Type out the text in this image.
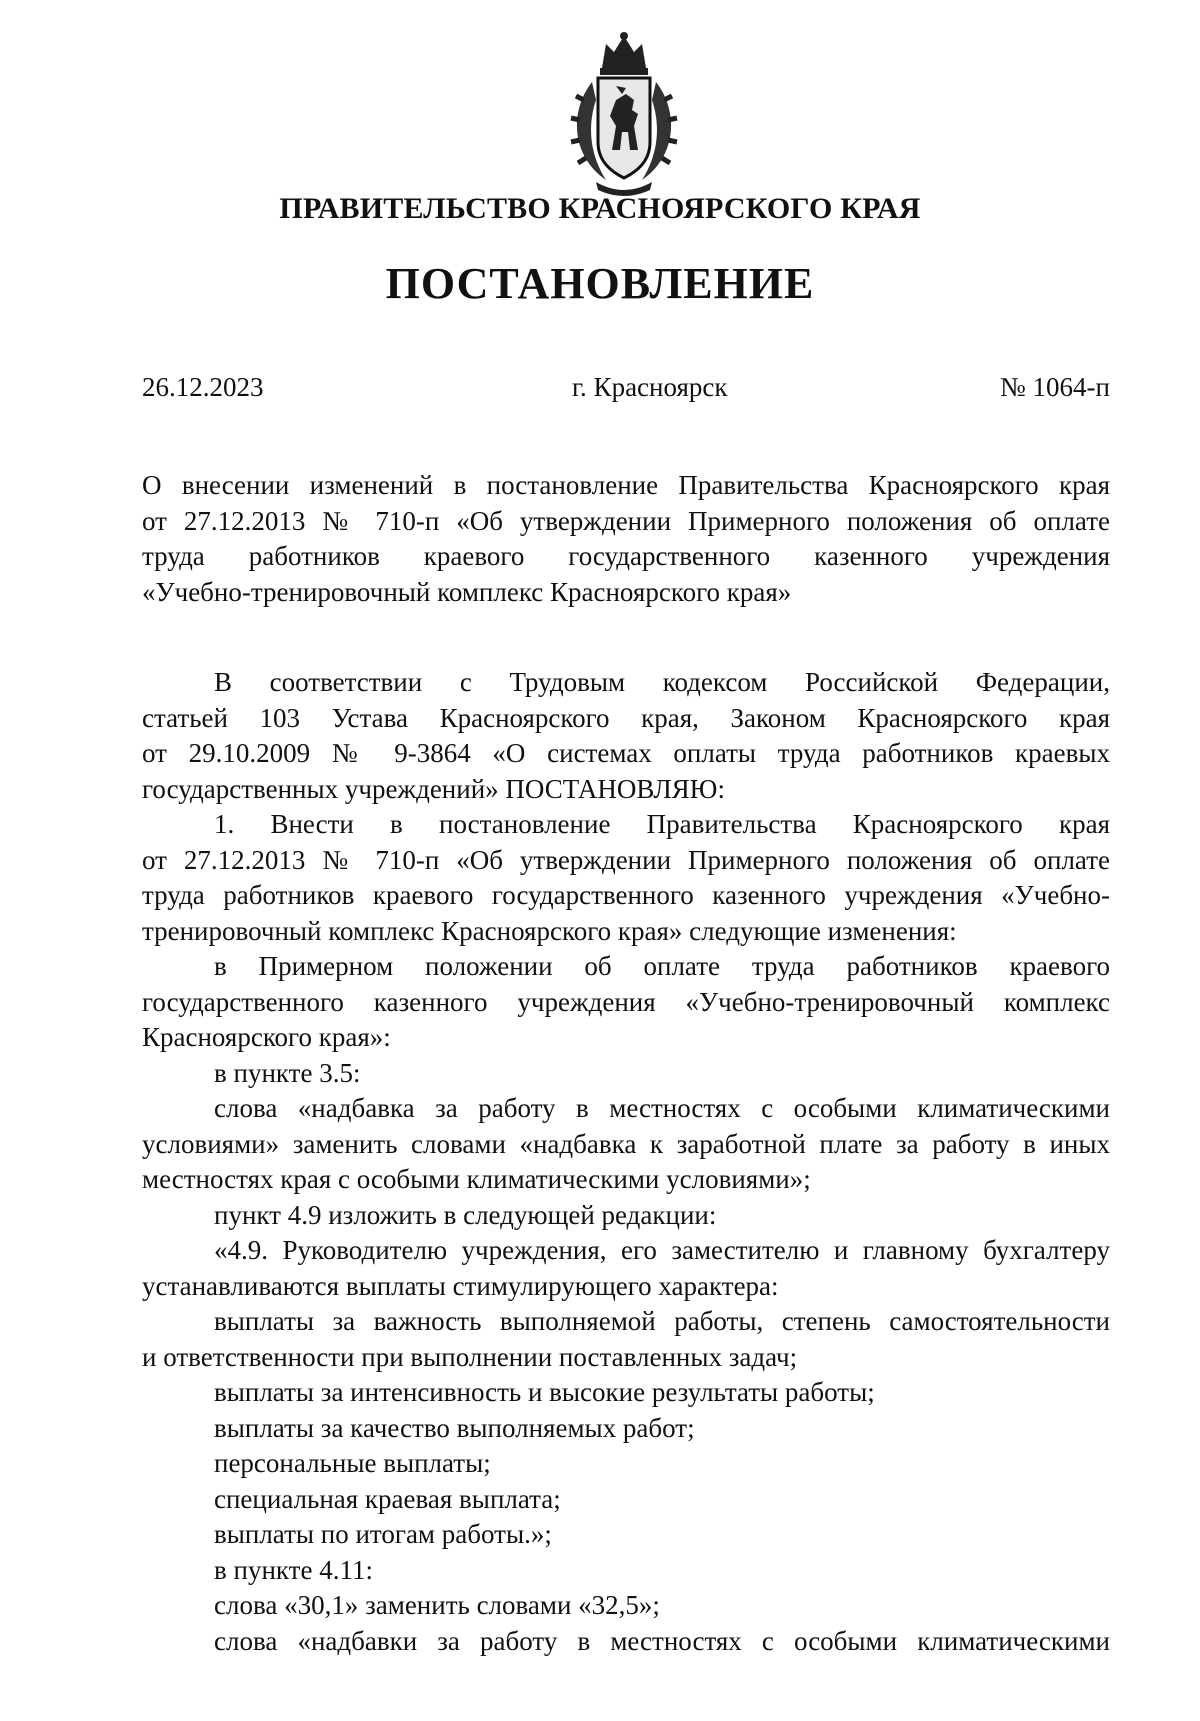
ПРАВИТЕЛЬСТВО КРАСНОЯРСКОГО КРАЯ
ПОСТАНОВЛЕНИЕ
26.12.2023	г. Красноярск	№ 1064-п
О внесении изменений в постановление Правительства Красноярского края
от 27.12.2013 № 710-п «Об утверждении Примерного положения об оплате
труда работников краевого государственного казенного учреждения
«Учебно-тренировочный комплекс Красноярского края»
В соответствии с Трудовым кодексом Российской Федерации,
статьей 103 Устава Красноярского края, Законом Красноярского края
от 29.10.2009 № 9-3864 «О системах оплаты труда работников краевых
государственных учреждений» ПОСТАНОВЛЯЮ:
1. Внести в постановление Правительства Красноярского края
от 27.12.2013 № 710-п «Об утверждении Примерного положения об оплате
труда работников краевого государственного казенного учреждения «Учебно-
тренировочный комплекс Красноярского края» следующие изменения:
в Примерном положении об оплате труда работников краевого
государственного казенного учреждения «Учебно-тренировочный комплекс
Красноярского края»:
в пункте 3.5:
слова «надбавка за работу в местностях с особыми климатическими
условиями» заменить словами «надбавка к заработной плате за работу в иных
местностях края с особыми климатическими условиями»;
пункт 4.9 изложить в следующей редакции:
«4.9. Руководителю учреждения, его заместителю и главному бухгалтеру
устанавливаются выплаты стимулирующего характера:
выплаты за важность выполняемой работы, степень самостоятельности
и ответственности при выполнении поставленных задач;
выплаты за интенсивность и высокие результаты работы;
выплаты за качество выполняемых работ;
персональные выплаты;
специальная краевая выплата;
выплаты по итогам работы.»;
в пункте 4.11:
слова «30,1» заменить словами «32,5»;
слова «надбавки за работу в местностях с особыми климатическими
